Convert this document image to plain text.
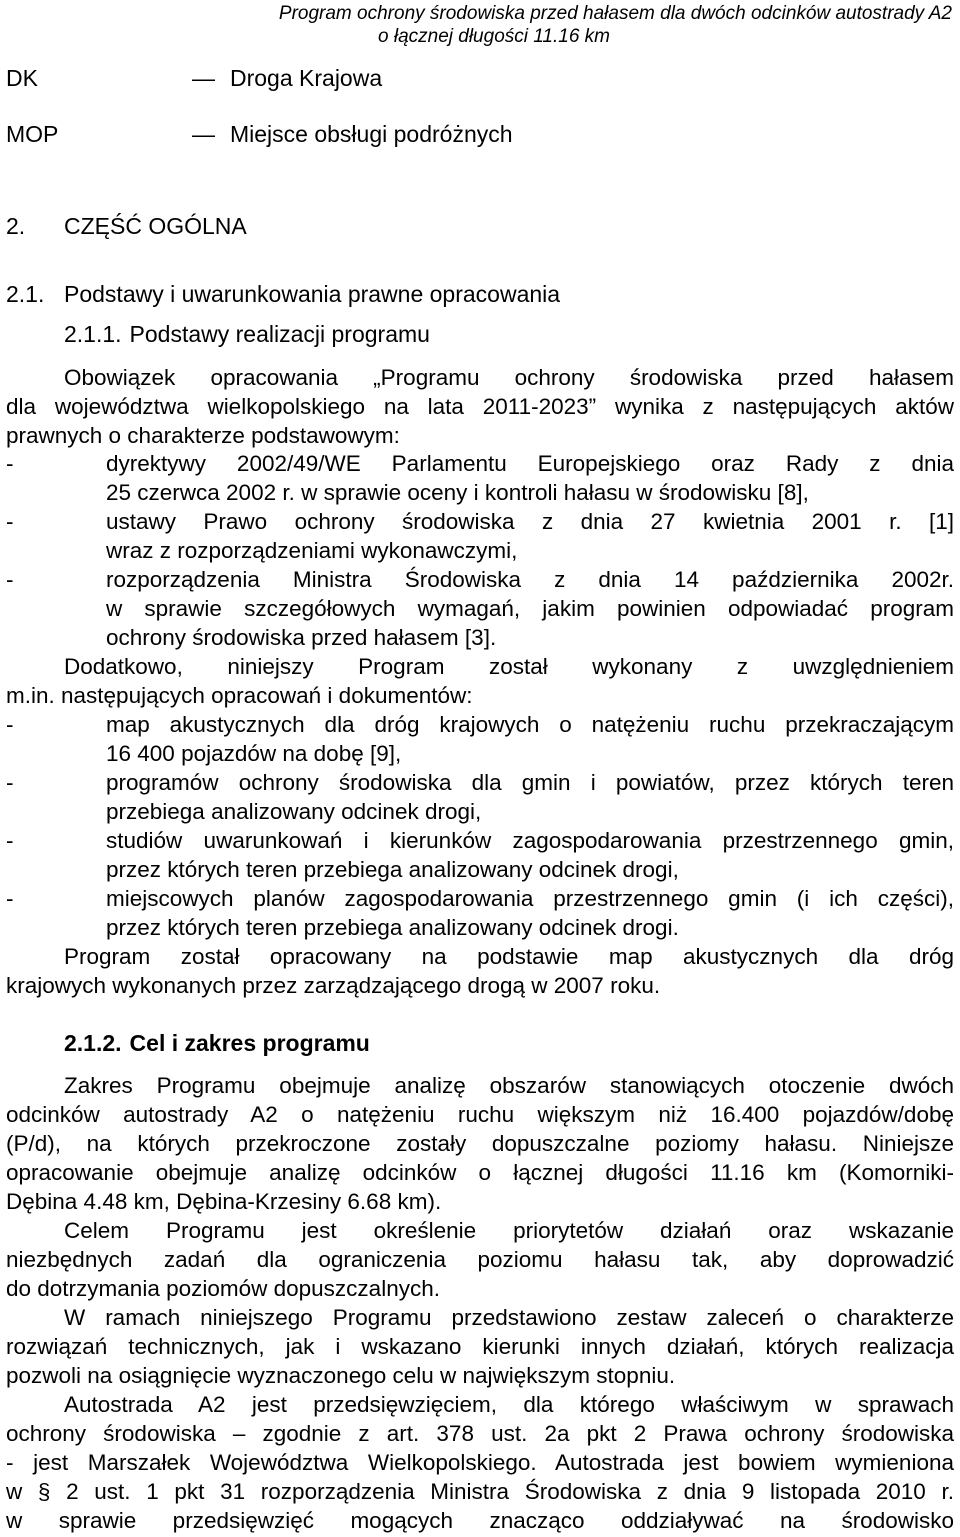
Program ochrony środowiska przed hałasem dla dwóch odcinków autostrady A2
o łącznej długości 11.16 km
DK	— Droga Krajowa
MOP	— Miejsce obsługi podróżnych
2. CZĘŚĆ OGÓLNA
2.1. Podstawy i uwarunkowania prawne opracowania
2.1.1. Podstawy realizacji programu
Obowiązek opracowania „Programu ochrony środowiska przed hałasem
dla województwa wielkopolskiego na lata 2011-2023” wynika z następujących aktów
prawnych o charakterze podstawowym:
-	dyrektywy 2002/49/WE Parlamentu Europejskiego oraz Rady z dnia
25 czerwca 2002 r. w sprawie oceny i kontroli hałasu w środowisku [8],
-	ustawy Prawo ochrony środowiska z dnia 27 kwietnia 2001 r. [1]
wraz z rozporządzeniami wykonawczymi,
-	rozporządzenia Ministra Środowiska z dnia 14 października 2002r.
w sprawie szczegółowych wymagań, jakim powinien odpowiadać program
ochrony środowiska przed hałasem [3].
Dodatkowo, niniejszy Program został wykonany z uwzględnieniem
m.in. następujących opracowań i dokumentów:
-	map akustycznych dla dróg krajowych o natężeniu ruchu przekraczającym
16 400 pojazdów na dobę [9],
-	programów ochrony środowiska dla gmin i powiatów, przez których teren
przebiega analizowany odcinek drogi,
-	studiów uwarunkowań i kierunków zagospodarowania przestrzennego gmin,
przez których teren przebiega analizowany odcinek drogi,
-	miejscowych planów zagospodarowania przestrzennego gmin (i ich części),
przez których teren przebiega analizowany odcinek drogi.
Program został opracowany na podstawie map akustycznych dla dróg
krajowych wykonanych przez zarządzającego drogą w 2007 roku.
2.1.2. Cel i zakres programu
Zakres Programu obejmuje analizę obszarów stanowiących otoczenie dwóch
odcinków autostrady A2 o natężeniu ruchu większym niż 16.400 pojazdów/dobę
(P/d), na których przekroczone zostały dopuszczalne poziomy hałasu. Niniejsze
opracowanie obejmuje analizę odcinków o łącznej długości 11.16 km (Komorniki-
Dębina 4.48 km, Dębina-Krzesiny 6.68 km).
Celem Programu jest określenie priorytetów działań oraz wskazanie
niezbędnych zadań dla ograniczenia poziomu hałasu tak, aby doprowadzić
do dotrzymania poziomów dopuszczalnych.
W ramach niniejszego Programu przedstawiono zestaw zaleceń o charakterze
rozwiązań technicznych, jak i wskazano kierunki innych działań, których realizacja
pozwoli na osiągnięcie wyznaczonego celu w największym stopniu.
Autostrada A2 jest przedsięwzięciem, dla którego właściwym w sprawach
ochrony środowiska – zgodnie z art. 378 ust. 2a pkt 2 Prawa ochrony środowiska
- jest Marszałek Województwa Wielkopolskiego. Autostrada jest bowiem wymieniona
w § 2 ust. 1 pkt 31 rozporządzenia Ministra Środowiska z dnia 9 listopada 2010 r.
w sprawie przedsięwzięć mogących znacząco oddziaływać na środowisko
